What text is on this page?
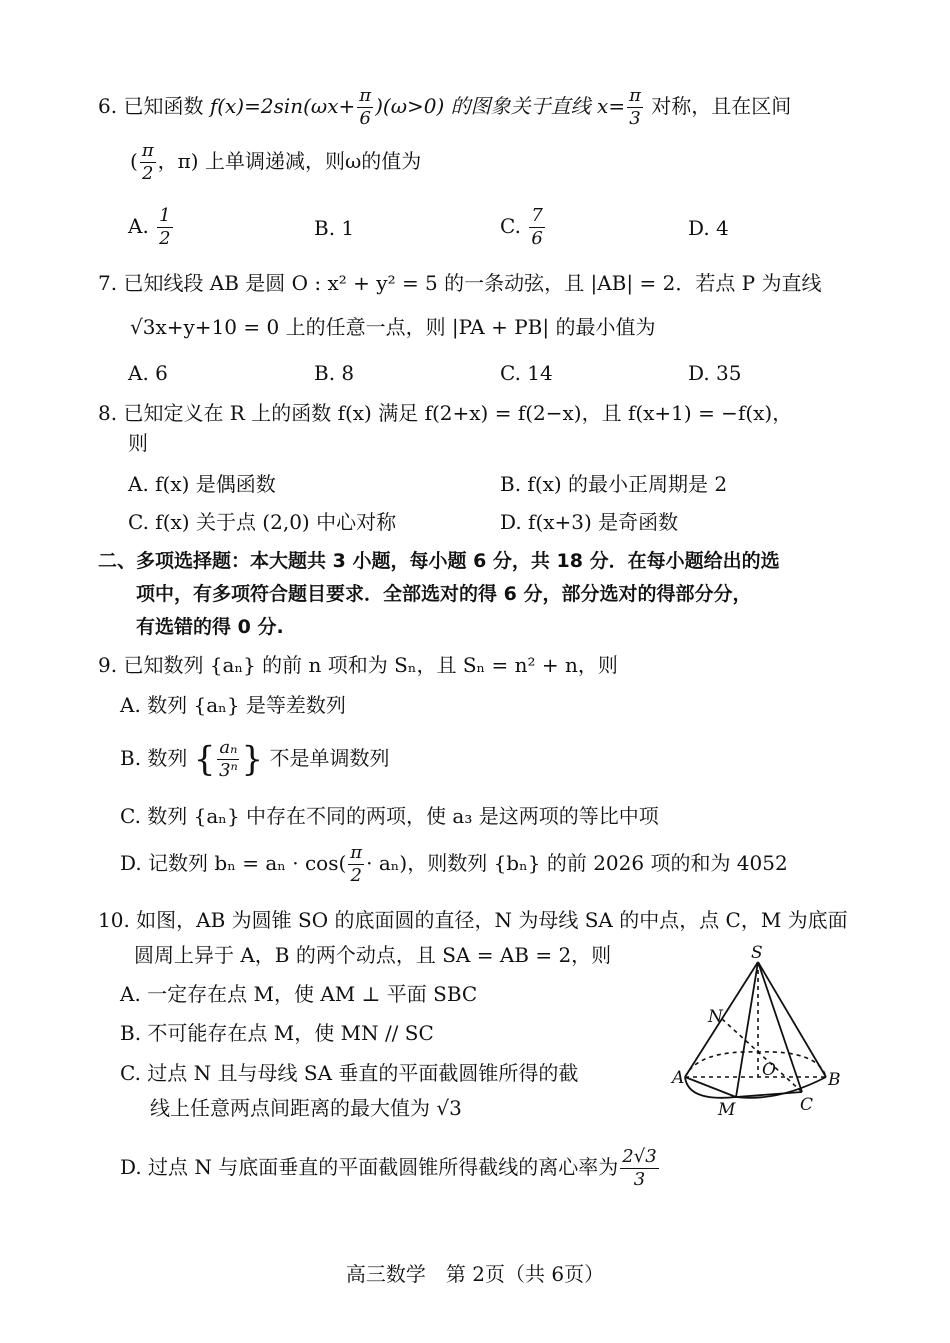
6. 已知函数 $f(x)=2\sin(\omega x+ \frac{\pi}{6} )(\omega>0)$ 的图象关于直线 $x= \frac{\pi}{3}$ 对称，且在区间
( $\frac{\pi}{2}$ ，π) 上单调递减，则ω的值为
A. $\frac{1}{2}$	B. 1	C. $\frac{7}{6}$	D. 4
7. 已知线段 AB 是圆 O : x² + y² = 5 的一条动弦，且 |AB| = 2．若点 P 为直线
√3x+y+10 = 0 上的任意一点，则 |PA + PB| 的最小值为
A. 6	B. 8	C. 14	D. 35
8. 已知定义在 R 上的函数 f(x) 满足 f(2+x) = f(2−x)，且 f(x+1) = −f(x)，
则
A. f(x) 是偶函数	B. f(x) 的最小正周期是 2
C. f(x) 关于点 (2,0) 中心对称	D. f(x+3) 是奇函数
二、多项选择题：本大题共 3 小题，每小题 6 分，共 18 分．在每小题给出的选
项中，有多项符合题目要求．全部选对的得 6 分，部分选对的得部分分，
有选错的得 0 分.
9. 已知数列 {aₙ} 的前 n 项和为 Sₙ，且 Sₙ = n² + n，则
A. 数列 {aₙ} 是等差数列
B. 数列 { $\frac{\text{aₙ}}{\text{3ⁿ}}$ } 不是单调数列
C. 数列 {aₙ} 中存在不同的两项，使 a₃ 是这两项的等比中项
D. 记数列 $b_n = a_n \cdot \cos( \frac{\pi}{2} \cdot a_n)$，则数列 {bₙ} 的前 2026 项的和为 4052
10. 如图，AB 为圆锥 SO 的底面圆的直径，N 为母线 SA 的中点，点 C，M 为底面
圆周上异于 A，B 的两个动点，且 SA = AB = 2，则
A. 一定存在点 M，使 AM ⊥ 平面 SBC
B. 不可能存在点 M，使 MN // SC
C. 过点 N 且与母线 SA 垂直的平面截圆锥所得的截
线上任意两点间距离的最大值为 √3
D. 过点 N 与底面垂直的平面截圆锥所得截线的离心率为 $\frac{2√3}{3}$
S
N
A	O	B
M	C
高三数学　第 2页（共 6页）
